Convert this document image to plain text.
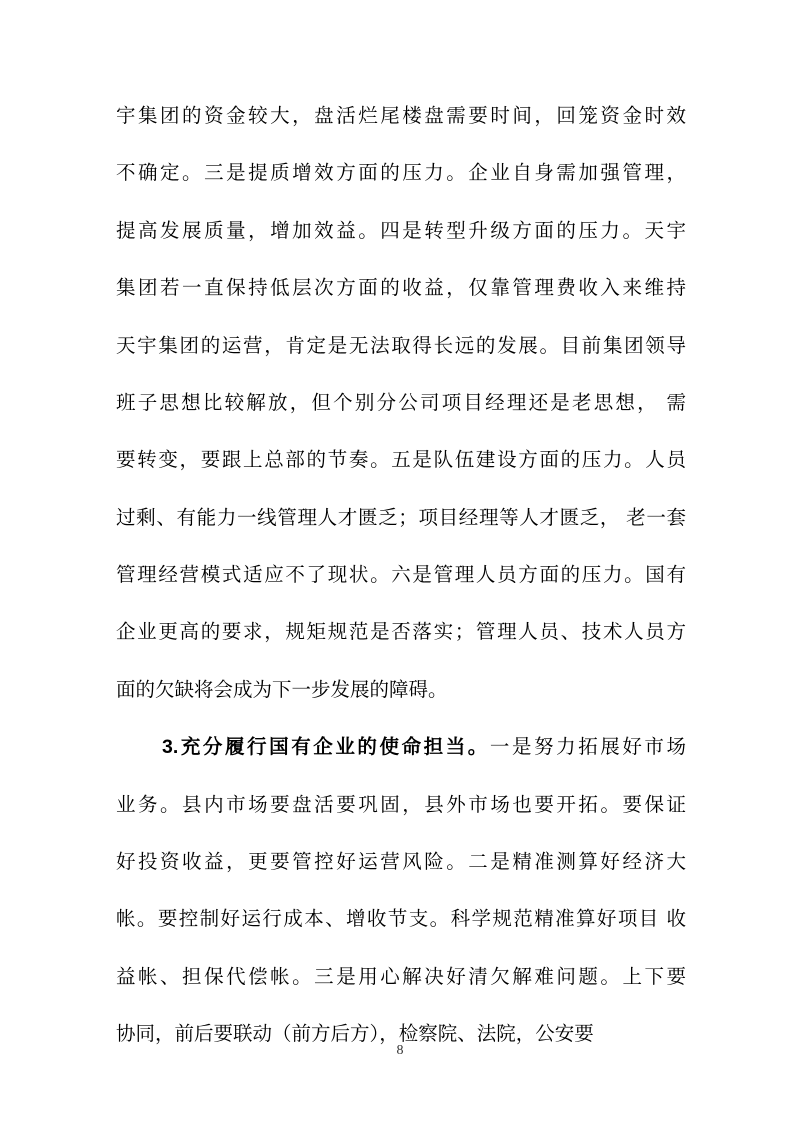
宇集团的资金较大，盘活烂尾楼盘需要时间，回笼资金时效
不确定。三是提质增效方面的压力。企业自身需加强管理，
提高发展质量，增加效益。四是转型升级方面的压力。天宇
集团若一直保持低层次方面的收益，仅靠管理费收入来维持
天宇集团的运营，肯定是无法取得长远的发展。目前集团领导
班子思想比较解放，但个别分公司项目经理还是老思想， 需
要转变，要跟上总部的节奏。五是队伍建设方面的压力。人员
过剩、有能力一线管理人才匮乏；项目经理等人才匮乏， 老一套
管理经营模式适应不了现状。六是管理人员方面的压力。国有
企业更高的要求，规矩规范是否落实；管理人员、技术人员方
面的欠缺将会成为下一步发展的障碍。
3.充分履行国有企业的使命担当。一是努力拓展好市场
业务。县内市场要盘活要巩固，县外市场也要开拓。要保证
好投资收益，更要管控好运营风险。二是精准测算好经济大
帐。要控制好运行成本、增收节支。科学规范精准算好项目 收
益帐、担保代偿帐。三是用心解决好清欠解难问题。上下要
协同，前后要联动（前方后方），检察院、法院，公安要
8
